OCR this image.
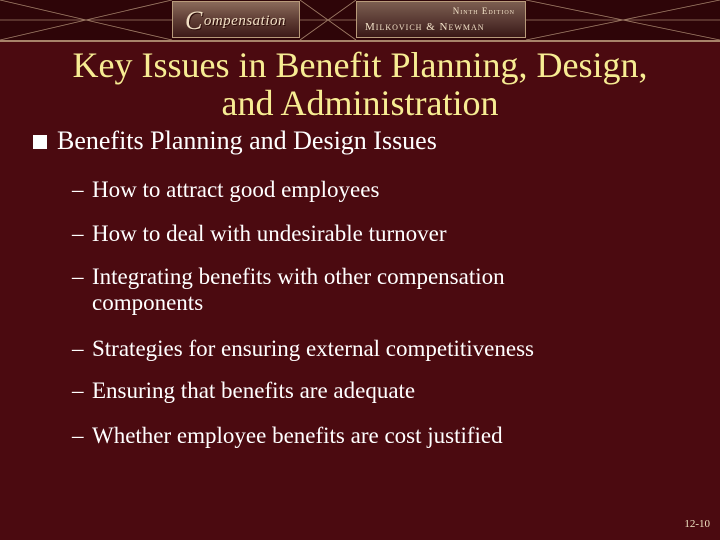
Compensation
Ninth Edition
Milkovich & Newman
Key Issues in Benefit Planning, Design,
and Administration
Benefits Planning and Design Issues
– How to attract good employees
– How to deal with undesirable turnover
– Integrating benefits with other compensation
components
– Strategies for ensuring external competitiveness
– Ensuring that benefits are adequate
– Whether employee benefits are cost justified
12-10
